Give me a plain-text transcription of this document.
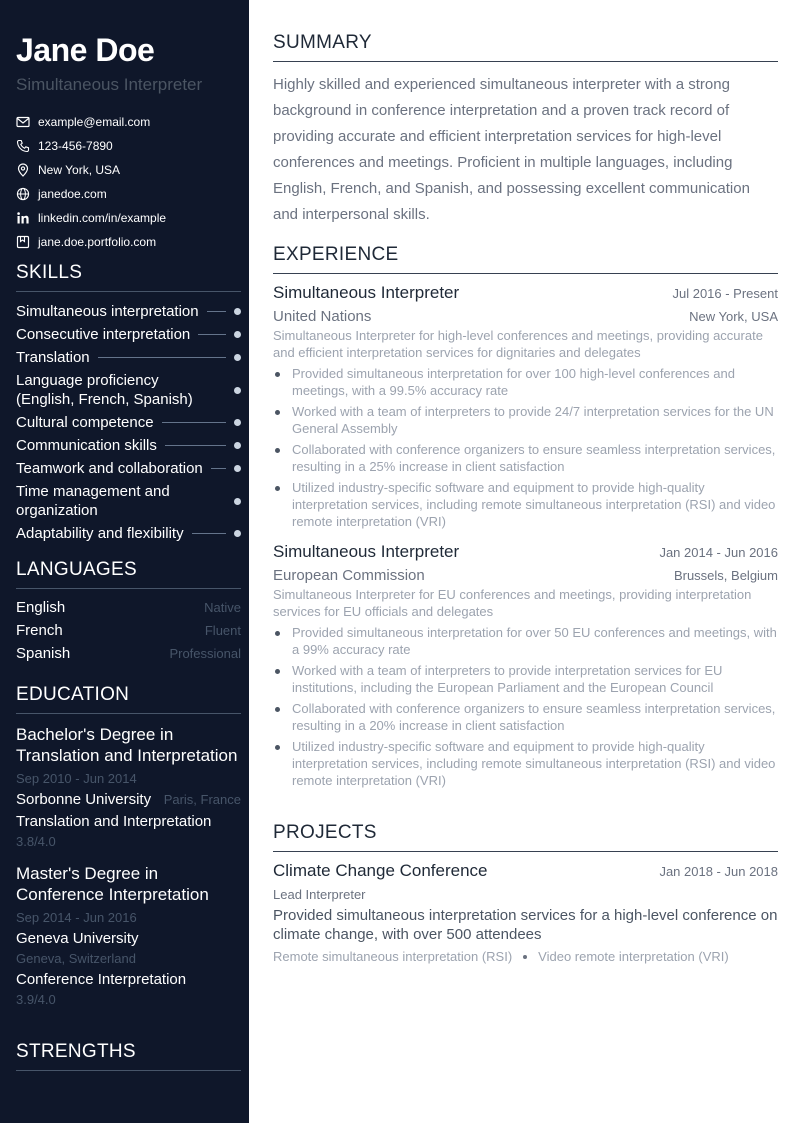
Jane Doe
Simultaneous Interpreter
example@email.com
123-456-7890
New York, USA
janedoe.com
linkedin.com/in/example
jane.doe.portfolio.com
SKILLS
Simultaneous interpretation
Consecutive interpretation
Translation
Language proficiency (English, French, Spanish)
Cultural competence
Communication skills
Teamwork and collaboration
Time management and organization
Adaptability and flexibility
LANGUAGES
English	Native
French	Fluent
Spanish	Professional
EDUCATION
Bachelor's Degree in Translation and Interpretation
Sep 2010 - Jun 2014
Sorbonne University Paris, France
Translation and Interpretation
3.8/4.0
Master's Degree in Conference Interpretation
Sep 2014 - Jun 2016
Geneva University
Geneva, Switzerland
Conference Interpretation
3.9/4.0
STRENGTHS
SUMMARY
Highly skilled and experienced simultaneous interpreter with a strong background in conference interpretation and a proven track record of providing accurate and efficient interpretation services for high-level conferences and meetings. Proficient in multiple languages, including English, French, and Spanish, and possessing excellent communication and interpersonal skills.
EXPERIENCE
Simultaneous Interpreter	Jul 2016 - Present
United Nations	New York, USA
Simultaneous Interpreter for high-level conferences and meetings, providing accurate and efficient interpretation services for dignitaries and delegates
Provided simultaneous interpretation for over 100 high-level conferences and meetings, with a 99.5% accuracy rate
Worked with a team of interpreters to provide 24/7 interpretation services for the UN General Assembly
Collaborated with conference organizers to ensure seamless interpretation services, resulting in a 25% increase in client satisfaction
Utilized industry-specific software and equipment to provide high-quality interpretation services, including remote simultaneous interpretation (RSI) and video remote interpretation (VRI)
Simultaneous Interpreter	Jan 2014 - Jun 2016
European Commission	Brussels, Belgium
Simultaneous Interpreter for EU conferences and meetings, providing interpretation services for EU officials and delegates
Provided simultaneous interpretation for over 50 EU conferences and meetings, with a 99% accuracy rate
Worked with a team of interpreters to provide interpretation services for EU institutions, including the European Parliament and the European Council
Collaborated with conference organizers to ensure seamless interpretation services, resulting in a 20% increase in client satisfaction
Utilized industry-specific software and equipment to provide high-quality interpretation services, including remote simultaneous interpretation (RSI) and video remote interpretation (VRI)
PROJECTS
Climate Change Conference	Jan 2018 - Jun 2018
Lead Interpreter
Provided simultaneous interpretation services for a high-level conference on climate change, with over 500 attendees
Remote simultaneous interpretation (RSI) Video remote interpretation (VRI)
